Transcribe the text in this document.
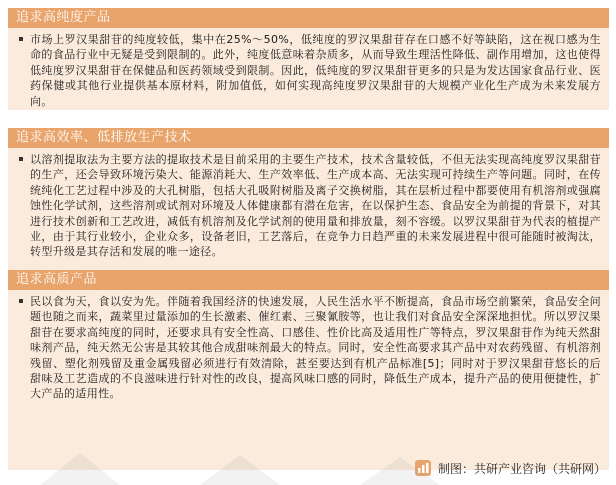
追求高纯度产品
市场上罗汉果甜苷的纯度较低，集中在25%～50%，低纯度的罗汉果甜苷存在口感不好等缺陷，这在视口感为生命的食品行业中无疑是受到限制的。此外，纯度低意味着杂质多，从而导致生理活性降低、副作用增加，这也使得低纯度罗汉果甜苷在保健品和医药领域受到限制。因此，低纯度的罗汉果甜苷更多的只是为发达国家食品行业、医药保健或其他行业提供基本原材料，附加值低，如何实现高纯度罗汉果甜苷的大规模产业化生产成为未来发展方向。
追求高效率、低排放生产技术
以溶剂提取法为主要方法的提取技术是目前采用的主要生产技术，技术含量较低，不但无法实现高纯度罗汉果甜苷的生产，还会导致环境污染大、能源消耗大、生产效率低、生产成本高、无法实现可持续生产等问题。同时，在传统纯化工艺过程中涉及的大孔树脂，包括大孔吸附树脂及离子交换树脂，其在层析过程中都要使用有机溶剂或强腐蚀性化学试剂，这些溶剂或试剂对环境及人体健康都有潜在危害，在以保护生态、食品安全为前提的背景下，对其进行技术创新和工艺改进，减低有机溶剂及化学试剂的使用量和排放量，刻不容缓。以罗汉果甜苷为代表的植提产业，由于其行业较小，企业众多，设备老旧，工艺落后，在竞争力日趋严重的未来发展进程中很可能随时被淘汰，转型升级是其存活和发展的唯一途径。
追求高质产品
民以食为天，食以安为先。伴随着我国经济的快速发展，人民生活水平不断提高，食品市场空前繁荣，食品安全问题也随之而来，蔬菜里过量添加的生长激素、催红素、三聚氰胺等，也让我们对食品安全深深地担忧。所以罗汉果甜苷在要求高纯度的同时，还要求具有安全性高、口感佳、性价比高及适用性广等特点，罗汉果甜苷作为纯天然甜味剂产品，纯天然无公害是其较其他合成甜味剂最大的特点。同时，安全性高要求其产品中对农药残留、有机溶剂残留、塑化剂残留及重金属残留必须进行有效清除，甚至要达到有机产品标准[5]；同时对于罗汉果甜苷悠长的后甜味及工艺造成的不良滋味进行针对性的改良，提高风味口感的同时，降低生产成本，提升产品的使用便捷性，扩大产品的适用性。
制图：共研产业咨询（共研网）
